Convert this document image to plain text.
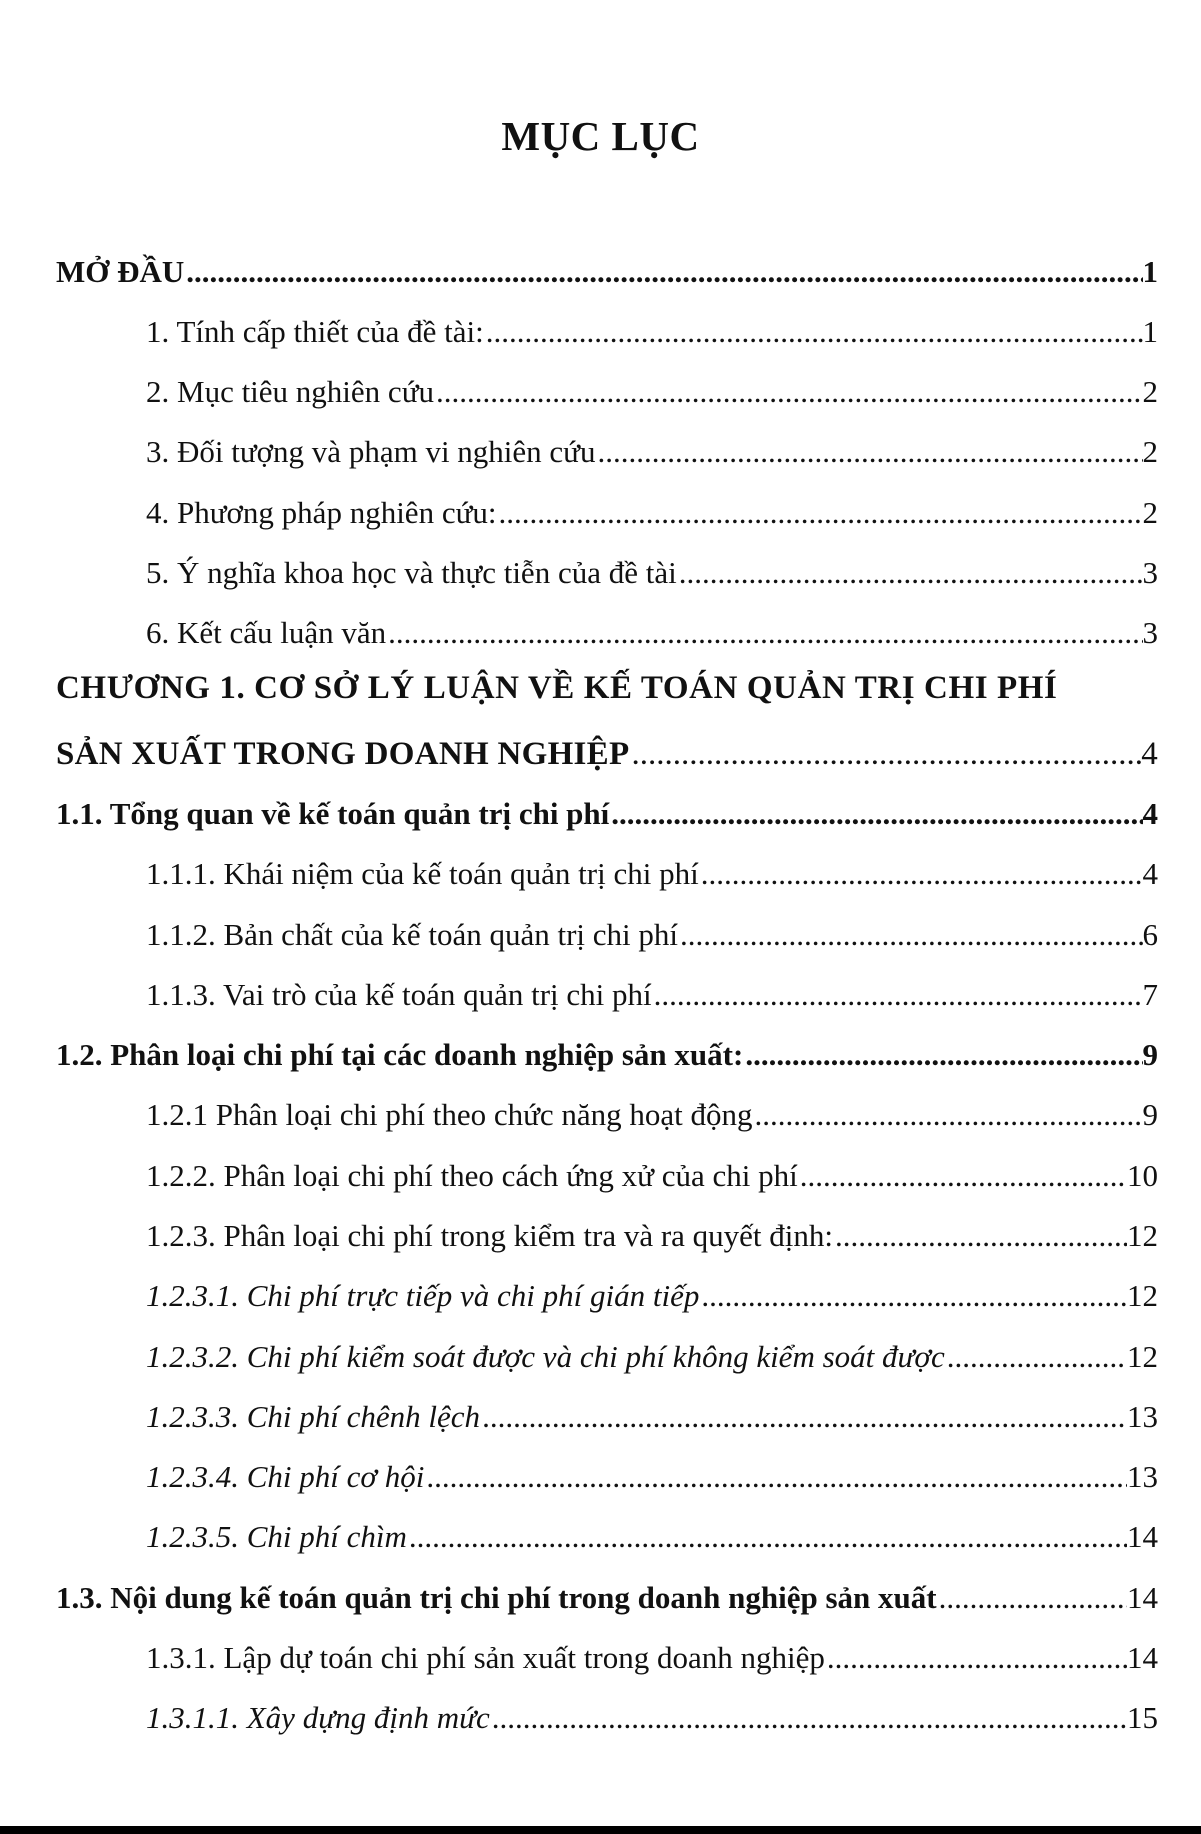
MỤC LỤC
MỞ ĐẦU .....	1
1. Tính cấp thiết của đề tài: .....	1
2. Mục tiêu nghiên cứu .....	2
3. Đối tượng và phạm vi nghiên cứu .....	2
4. Phương pháp nghiên cứu: .....	2
5. Ý nghĩa khoa học và thực tiễn của đề tài .....	3
6. Kết cấu luận văn .....	3
CHƯƠNG 1. CƠ SỞ LÝ LUẬN VỀ KẾ TOÁN QUẢN TRỊ CHI PHÍ
SẢN XUẤT TRONG DOANH NGHIỆP .....	4
1.1. Tổng quan về kế toán quản trị chi phí .....	4
1.1.1. Khái niệm của kế toán quản trị chi phí .....	4
1.1.2. Bản chất của kế toán quản trị chi phí .....	6
1.1.3. Vai trò của kế toán quản trị chi phí .....	7
1.2. Phân loại chi phí tại các doanh nghiệp sản xuất: .....	9
1.2.1 Phân loại chi phí theo chức năng hoạt động .....	9
1.2.2. Phân loại chi phí theo cách ứng xử của chi phí .....	10
1.2.3. Phân loại chi phí trong kiểm tra và ra quyết định: .....	12
1.2.3.1. Chi phí trực tiếp và chi phí gián tiếp .....	12
1.2.3.2. Chi phí kiểm soát được và chi phí không kiểm soát được .....	12
1.2.3.3. Chi phí chênh lệch .....	13
1.2.3.4. Chi phí cơ hội .....	13
1.2.3.5. Chi phí chìm .....	14
1.3. Nội dung kế toán quản trị chi phí trong doanh nghiệp sản xuất .....	14
1.3.1. Lập dự toán chi phí sản xuất trong doanh nghiệp .....	14
1.3.1.1. Xây dựng định mức .....	15
